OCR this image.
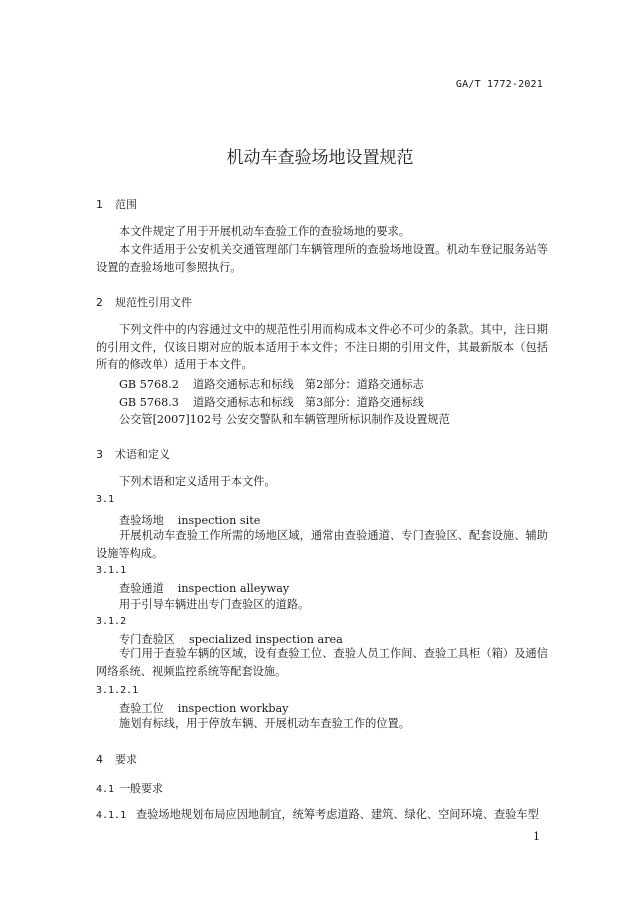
GA/T 1772-2021
机动车查验场地设置规范
1 范围
本文件规定了用于开展机动车查验工作的查验场地的要求。
本文件适用于公安机关交通管理部门车辆管理所的查验场地设置。机动车登记服务站等设置的查验场地可参照执行。
2 规范性引用文件
下列文件中的内容通过文中的规范性引用而构成本文件必不可少的条款。其中，注日期的引用文件，仅该日期对应的版本适用于本文件；不注日期的引用文件，其最新版本（包括所有的修改单）适用于本文件。
GB 5768.2 道路交通标志和标线　第2部分：道路交通标志
GB 5768.3 道路交通标志和标线　第3部分：道路交通标线
公交管[2007]102号 公安交警队和车辆管理所标识制作及设置规范
3 术语和定义
下列术语和定义适用于本文件。
3.1
查验场地 inspection site
开展机动车查验工作所需的场地区域，通常由查验通道、专门查验区、配套设施、辅助设施等构成。
3.1.1
查验通道 inspection alleyway
用于引导车辆进出专门查验区的道路。
3.1.2
专门查验区 specialized inspection area
专门用于查验车辆的区域，设有查验工位、查验人员工作间、查验工具柜（箱）及通信网络系统、视频监控系统等配套设施。
3.1.2.1
查验工位 inspection workbay
施划有标线，用于停放车辆、开展机动车查验工作的位置。
4 要求
4.1 一般要求
4.1.1 查验场地规划布局应因地制宜，统筹考虑道路、建筑、绿化、空间环境、查验车型
1
